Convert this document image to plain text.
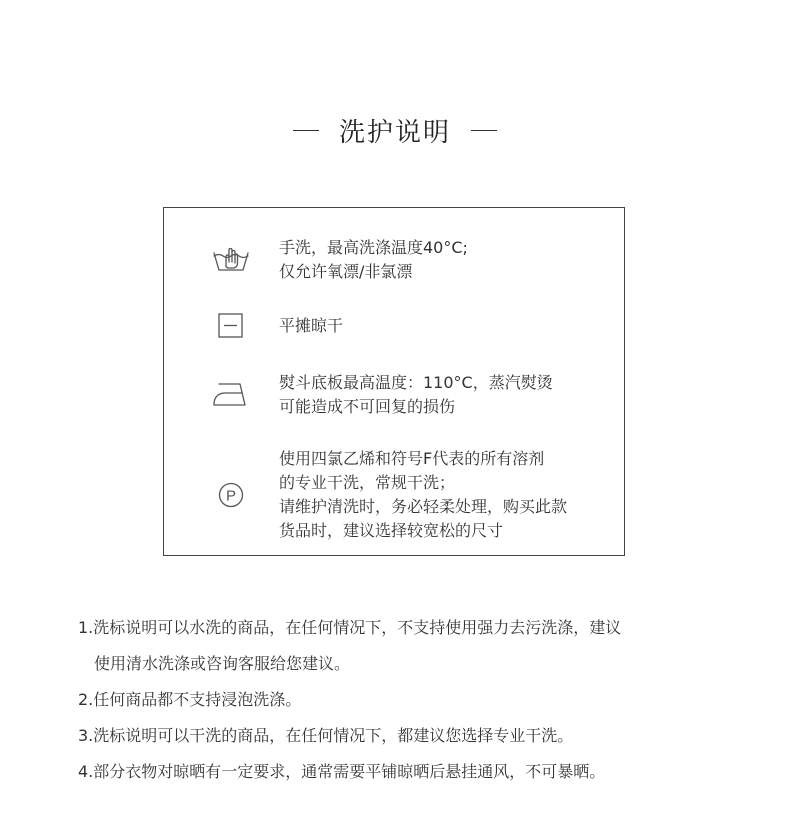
洗护说明
手洗，最高洗涤温度40°C;
仅允许氧漂/非氯漂
平摊晾干
熨斗底板最高温度：110°C，蒸汽熨烫
可能造成不可回复的损伤
P
使用四氯乙烯和符号F代表的所有溶剂
的专业干洗，常规干洗；
请维护清洗时，务必轻柔处理，购买此款
货品时，建议选择较宽松的尺寸
1.洗标说明可以水洗的商品，在任何情况下，不支持使用强力去污洗涤，建议
使用清水洗涤或咨询客服给您建议。
2.任何商品都不支持浸泡洗涤。
3.洗标说明可以干洗的商品，在任何情况下，都建议您选择专业干洗。
4.部分衣物对晾晒有一定要求，通常需要平铺晾晒后悬挂通风，不可暴晒。
